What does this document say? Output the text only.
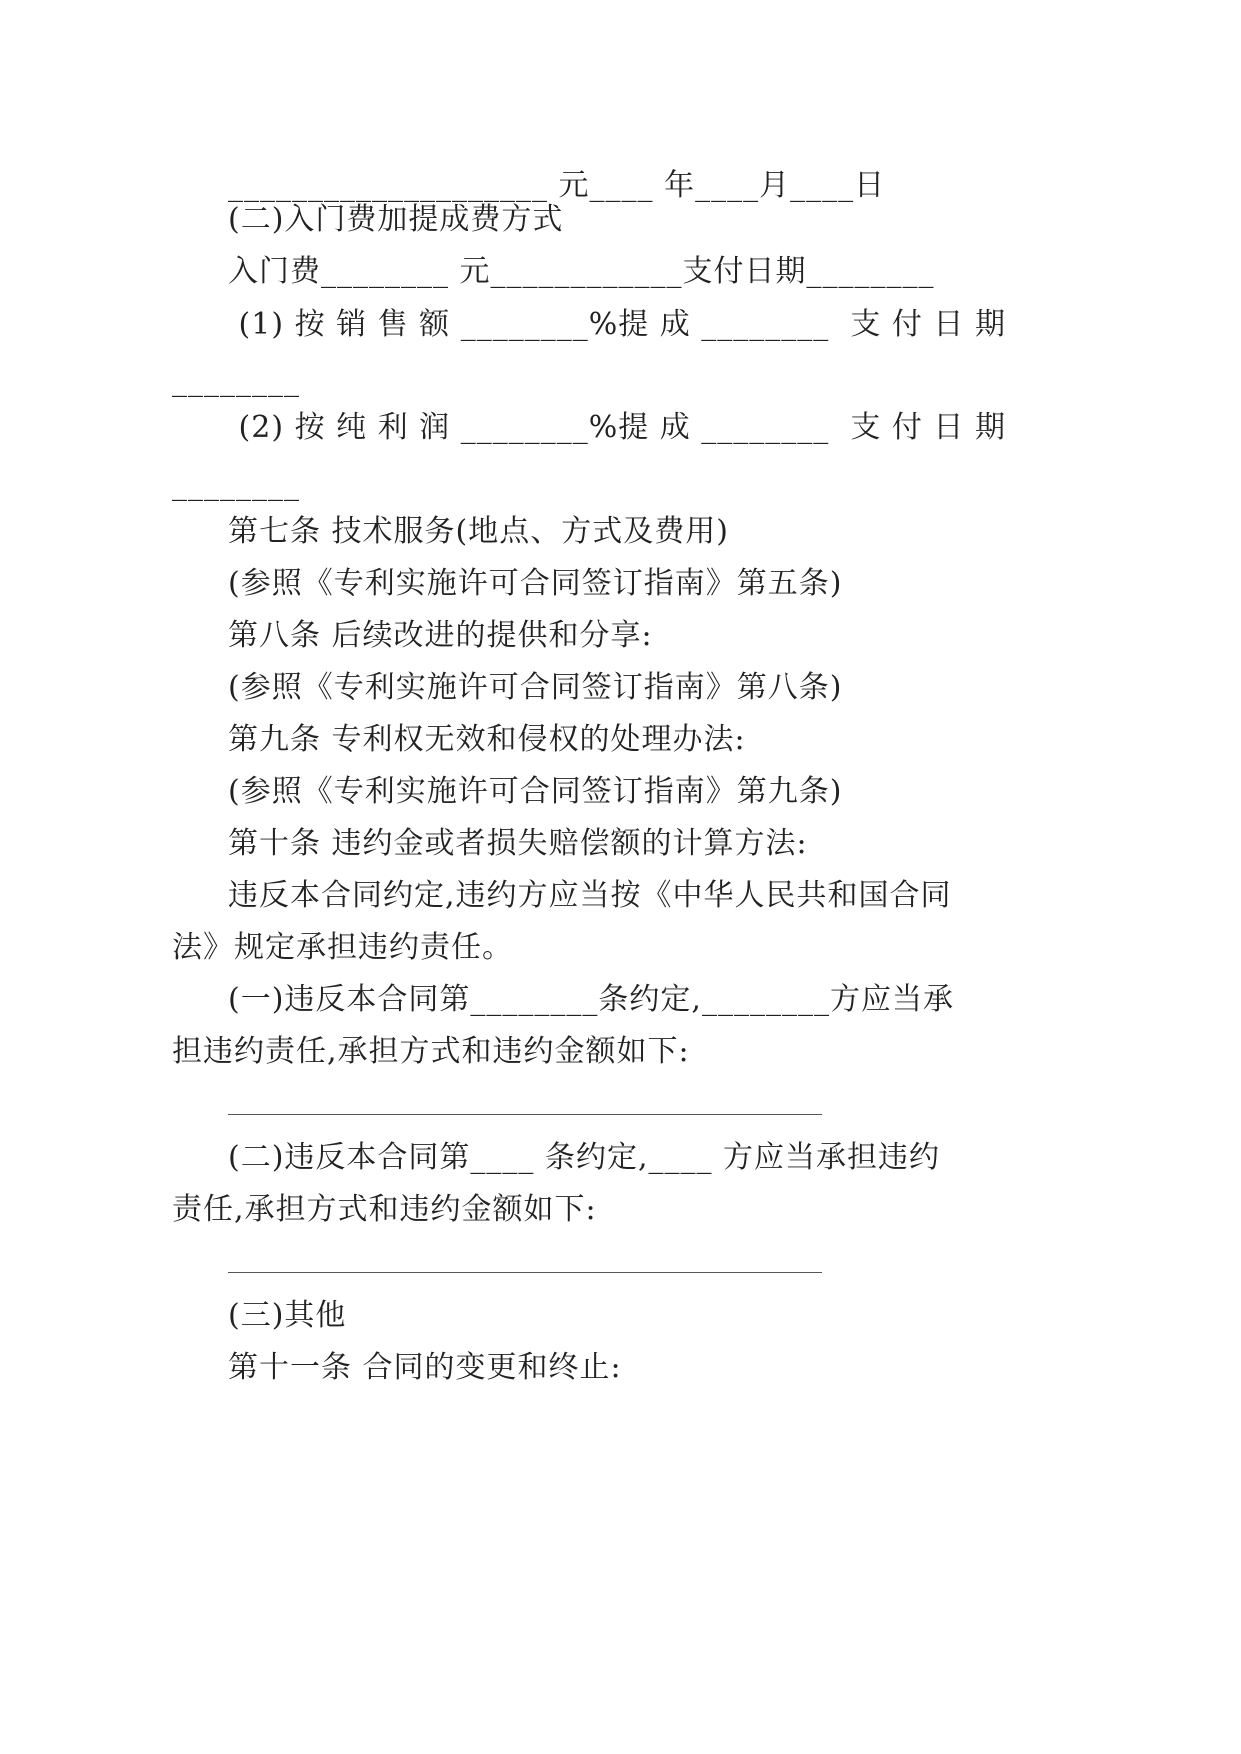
____________________ 元____ 年____月____日
(二)入门费加提成费方式
入门费________ 元____________支付日期________
(1) 按 销 售 额 ________%提 成 ________  支 付 日 期
________
(2) 按 纯 利 润 ________%提 成 ________  支 付 日 期
________
第七条 技术服务(地点、方式及费用)
(参照《专利实施许可合同签订指南》第五条)
第八条 后续改进的提供和分享:
(参照《专利实施许可合同签订指南》第八条)
第九条 专利权无效和侵权的处理办法:
(参照《专利实施许可合同签订指南》第九条)
第十条 违约金或者损失赔偿额的计算方法:
违反本合同约定,违约方应当按《中华人民共和国合同
法》规定承担违约责任。
(一)违反本合同第________条约定,________方应当承
担违约责任,承担方式和违约金额如下:
(二)违反本合同第____ 条约定,____ 方应当承担违约
责任,承担方式和违约金额如下:
(三)其他
第十一条 合同的变更和终止:
